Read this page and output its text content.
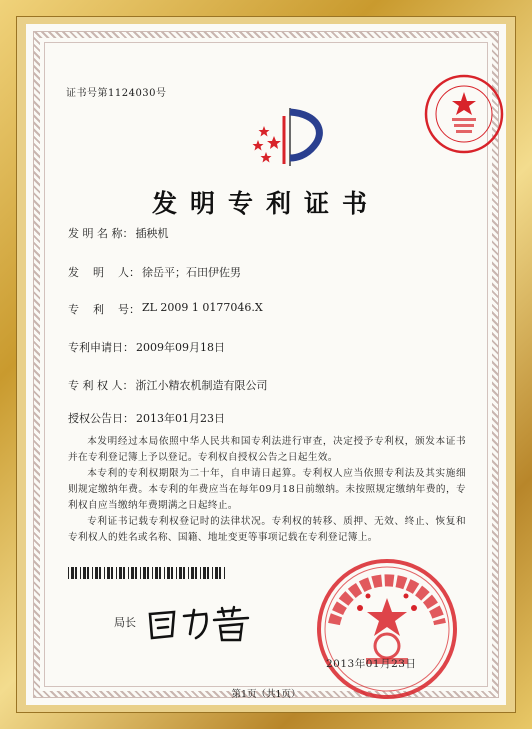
证书号第1124030号
发明专利证书
发 明 名 称： 插秧机
发    明    人： 徐岳平；石田伊佐男
专    利    号： ZL 2009 1 0177046.X
专利申请日： 2009年09月18日
专 利 权 人： 浙江小精农机制造有限公司
授权公告日： 2013年01月23日

本发明经过本局依照中华人民共和国专利法进行审查，决定授予专利权，颁发本证书并在专利登记簿上予以登记。专利权自授权公告之日起生效。

本专利的专利权期限为二十年，自申请日起算。专利权人应当依照专利法及其实施细则规定缴纳年费。本专利的年费应当在每年09月18日前缴纳。未按照规定缴纳年费的，专利权自应当缴纳年费期满之日起终止。

专利证书记载专利权登记时的法律状况。专利权的转移、质押、无效、终止、恢复和专利权人的姓名或名称、国籍、地址变更等事项记载在专利登记簿上。

局长
2013年01月23日
第1页（共1页）
